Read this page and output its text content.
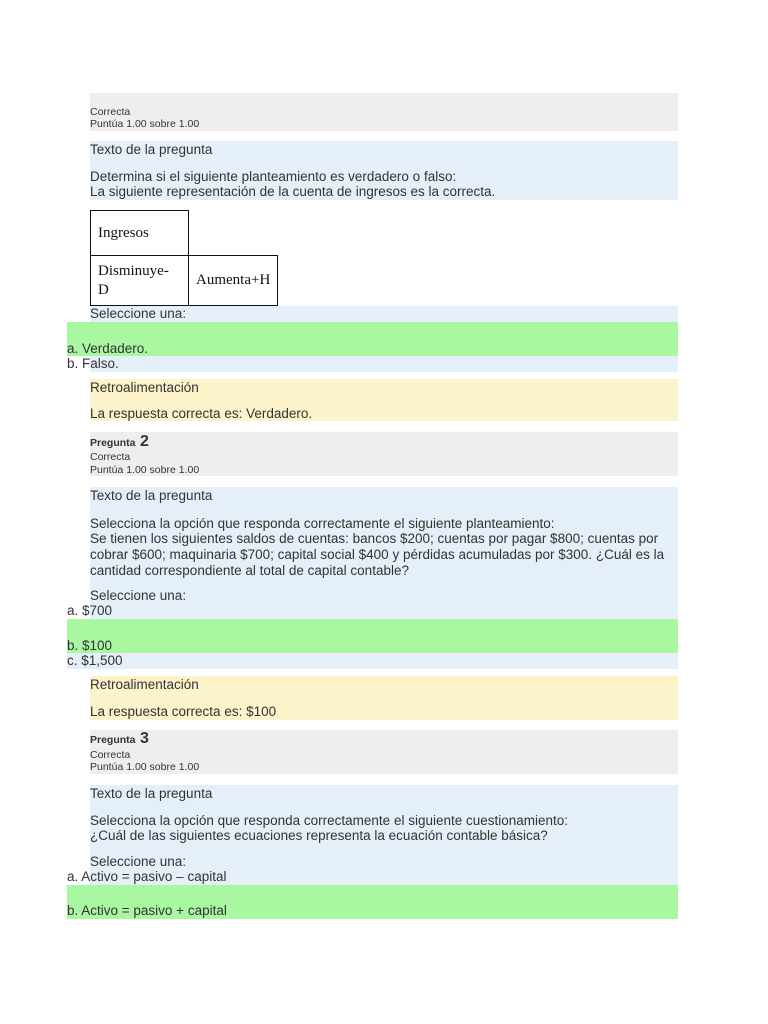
Correcta
Puntúa 1.00 sobre 1.00
Texto de la pregunta
Determina si el siguiente planteamiento es verdadero o falso:
La siguiente representación de la cuenta de ingresos es la correcta.
Ingresos	
Disminuye-
D	Aumenta+H
Seleccione una:
a. Verdadero.
b. Falso.
Retroalimentación
La respuesta correcta es: Verdadero.
Pregunta 2
Correcta
Puntúa 1.00 sobre 1.00
Texto de la pregunta
Selecciona la opción que responda correctamente el siguiente planteamiento:
Se tienen los siguientes saldos de cuentas: bancos $200; cuentas por pagar $800; cuentas por
cobrar $600; maquinaria $700; capital social $400 y pérdidas acumuladas por $300. ¿Cuál es la
cantidad correspondiente al total de capital contable?
Seleccione una:
a. $700
b. $100
c. $1,500
Retroalimentación
La respuesta correcta es: $100
Pregunta 3
Correcta
Puntúa 1.00 sobre 1.00
Texto de la pregunta
Selecciona la opción que responda correctamente el siguiente cuestionamiento:
¿Cuál de las siguientes ecuaciones representa la ecuación contable básica?
Seleccione una:
a. Activo = pasivo – capital
b. Activo = pasivo + capital
